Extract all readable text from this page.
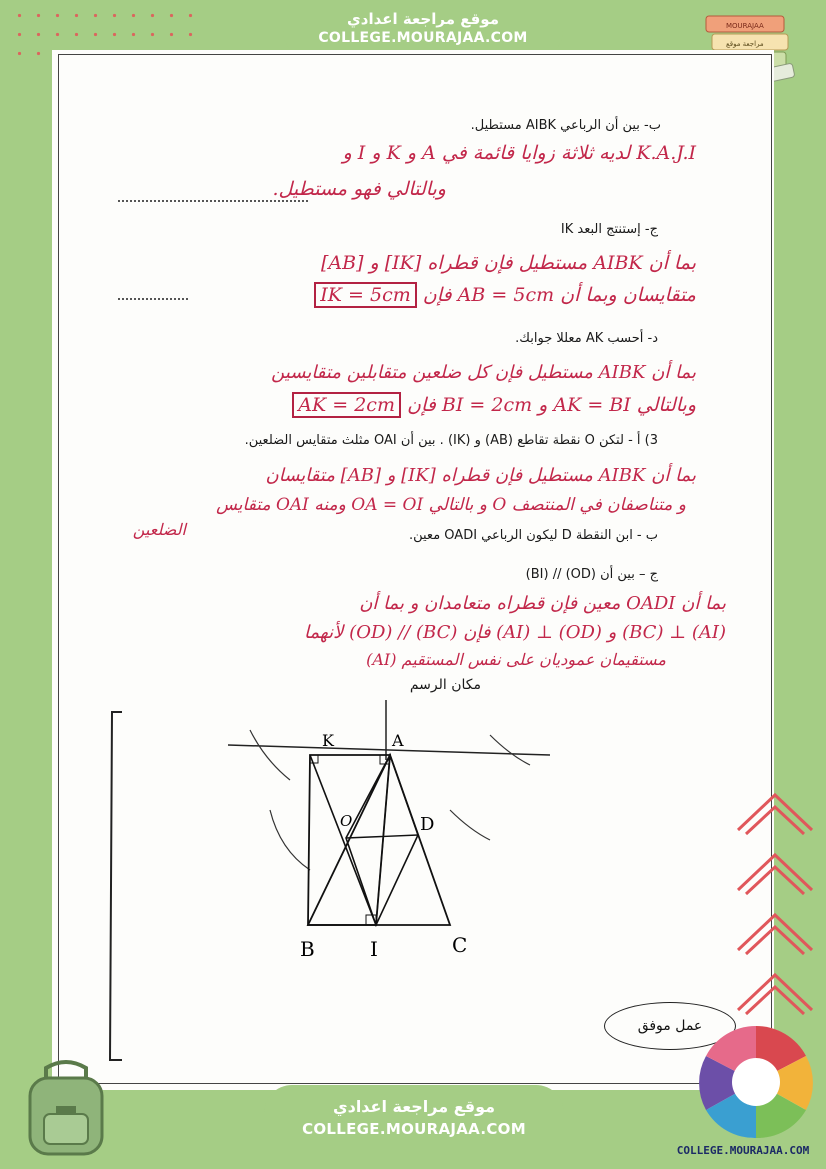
موقع مراجعة اعدادي
COLLEGE.MOURAJAA.COM
MOURAJAA
مراجعة موقع
ب- بين أن الرباعي AIBK مستطيل.
K.A.J.I لديه ثلاثة زوايا قائمة في A و K و I و
وبالتالي فهو مستطيل.
ج- إستنتج البعد IK
بما أن AIBK مستطيل فإن قطراه [IK] و [AB]
متقايسان وبما أن AB = 5cm فإن IK = 5cm
د- أحسب AK معللا جوابك.
بما أن AIBK مستطيل فإن كل ضلعين متقابلين متقايسين
وبالتالي AK = BI و BI = 2cm فإن AK = 2cm
3) أ - لتكن O نقطة تقاطع (AB) و (IK) . بين أن OAI مثلث متقايس الضلعين.
بما أن AIBK مستطيل فإن قطراه [IK] و [AB] متقايسان
و متناصفان في المنتصف O و بالتالي OA = OI ومنه OAI متقايس
الضلعين	ب - ابن النقطة D ليكون الرباعي OADI معين.
ج – بين أن (OD) // (BI)
بما أن OADI معين فإن قطراه متعامدان و بما أن
(AI) ⊥ (BC) و (OD) ⊥ (AI) فإن (BC) // (OD) لأنهما
مستقيمان عموديان على نفس المستقيم (AI)
مكان الرسم
K	A
O	D
B	I	C
عمل موفق
موقع مراجعة اعدادي
COLLEGE.MOURAJAA.COM
COLLEGE.MOURAJAA.COM
